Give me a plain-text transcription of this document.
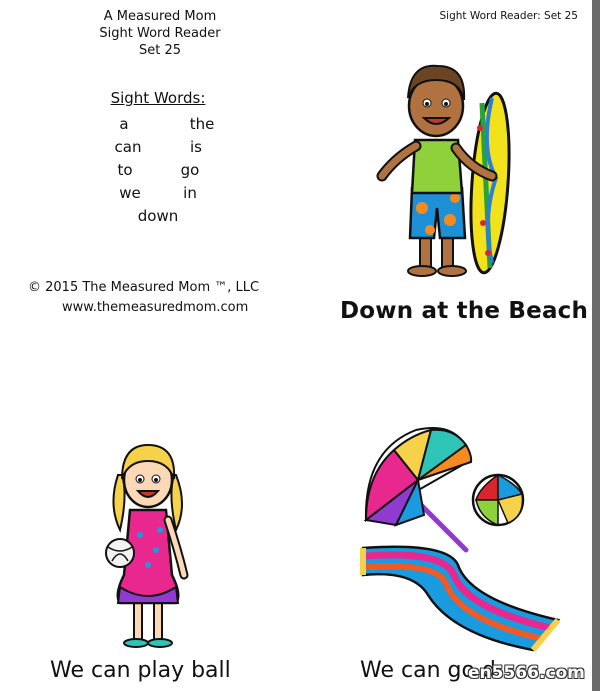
A Measured Mom
Sight Word Reader
Set 25
Sight Word Reader: Set 25
Sight Words:
a	the
can	is
to	go
we	in
down
© 2015 The Measured Mom ™, LLC
www.themeasuredmom.com	Down at the Beach
We can play ball	We can go d
en5566.com
